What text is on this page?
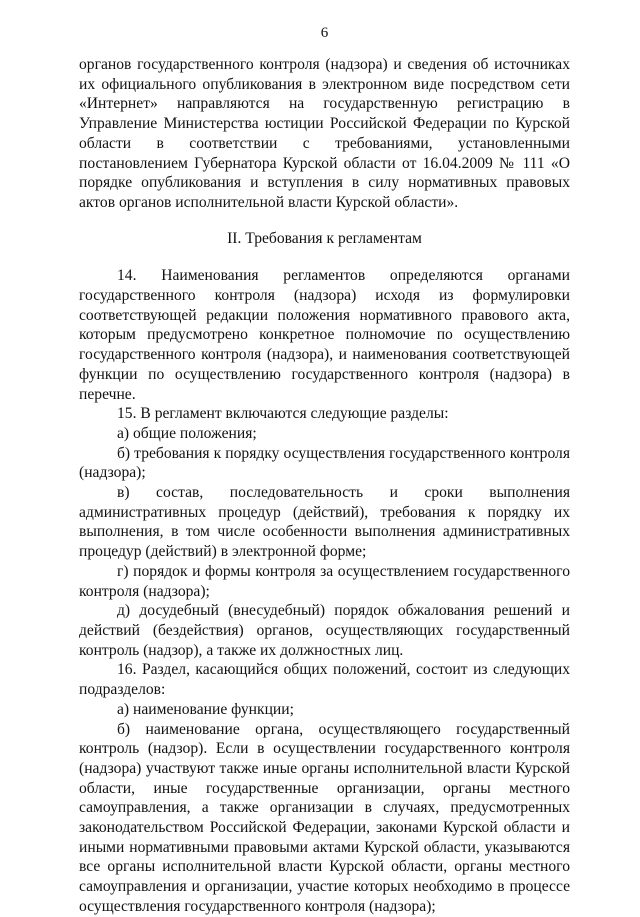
6

органов государственного контроля (надзора) и сведения об источниках их официального опубликования в электронном виде посредством сети «Интернет» направляются на государственную регистрацию в Управление Министерства юстиции Российской Федерации по Курской области в соответствии с требованиями, установленными постановлением Губернатора Курской области от 16.04.2009 № 111 «О порядке опубликования и вступления в силу нормативных правовых актов органов исполнительной власти Курской области».

II. Требования к регламентам

14. Наименования регламентов определяются органами государственного контроля (надзора) исходя из формулировки соответствующей редакции положения нормативного правового акта, которым предусмотрено конкретное полномочие по осуществлению государственного контроля (надзора), и наименования соответствующей функции по осуществлению государственного контроля (надзора) в перечне.

15. В регламент включаются следующие разделы:

а) общие положения;

б) требования к порядку осуществления государственного контроля (надзора);

в) состав, последовательность и сроки выполнения административных процедур (действий), требования к порядку их выполнения, в том числе особенности выполнения административных процедур (действий) в электронной форме;

г) порядок и формы контроля за осуществлением государственного контроля (надзора);

д) досудебный (внесудебный) порядок обжалования решений и действий (бездействия) органов, осуществляющих государственный контроль (надзор), а также их должностных лиц.

16. Раздел, касающийся общих положений, состоит из следующих подразделов:

а) наименование функции;

б) наименование органа, осуществляющего государственный контроль (надзор). Если в осуществлении государственного контроля (надзора) участвуют также иные органы исполнительной власти Курской области, иные государственные организации, органы местного самоуправления, а также организации в случаях, предусмотренных законодательством Российской Федерации, законами Курской области и иными нормативными правовыми актами Курской области, указываются все органы исполнительной власти Курской области, органы местного самоуправления и организации, участие которых необходимо в процессе осуществления государственного контроля (надзора);
